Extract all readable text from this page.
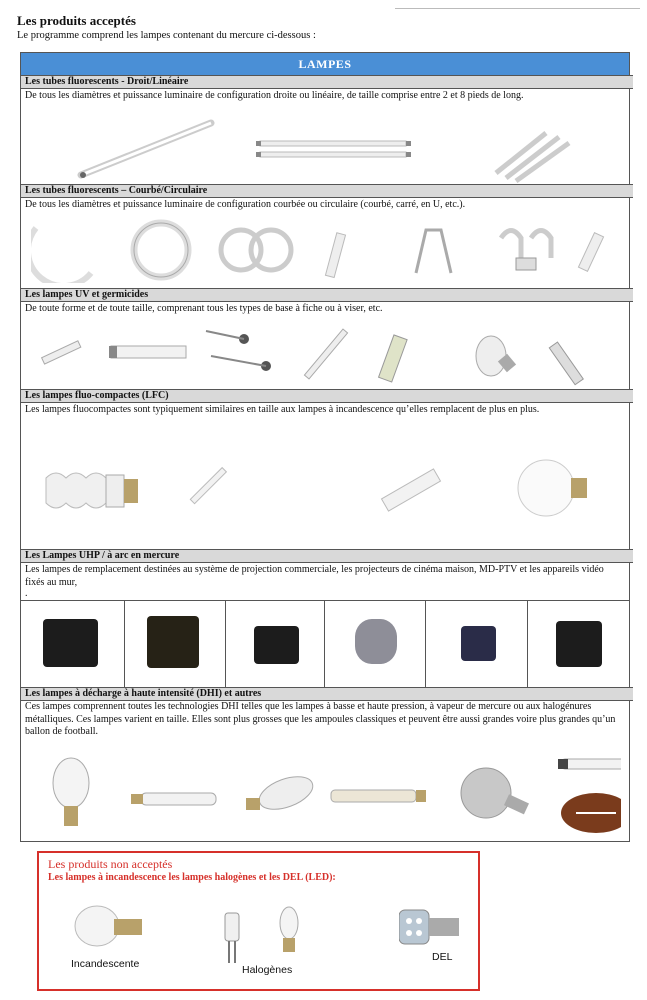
Les produits acceptés
Le programme comprend les lampes contenant du mercure ci-dessous :
LAMPES
Les tubes fluorescents - Droit/Linéaire
De tous les diamètres et puissance luminaire de configuration droite ou linéaire, de taille comprise entre 2 et 8 pieds de long.
Les tubes fluorescents – Courbé/Circulaire
De tous les diamètres et puissance luminaire de configuration courbée ou circulaire (courbé, carré, en U, etc.).
Les lampes UV et germicides
De toute forme et de toute taille, comprenant tous les types de base à fiche ou à viser, etc.
Les lampes fluo-compactes (LFC)
Les lampes fluocompactes sont typiquement similaires en taille aux lampes à incandescence qu’elles remplacent de plus en plus.
Les Lampes UHP / à arc en mercure
Les lampes de remplacement destinées au système de projection commerciale, les projecteurs de cinéma maison, MD-PTV et les appareils vidéo fixés au mur,
.
Les lampes à décharge à haute intensité (DHI) et autres
Ces lampes comprennent toutes les technologies DHI telles que les lampes à basse et haute pression, à vapeur de mercure ou aux halogénures métalliques. Ces lampes varient en taille. Elles sont plus grosses que les ampoules classiques et peuvent être aussi grandes voire plus grandes qu’un ballon de football.
Les produits non acceptés
Les lampes à incandescence les lampes halogènes et les DEL (LED):
Incandescente	Halogènes
DEL
